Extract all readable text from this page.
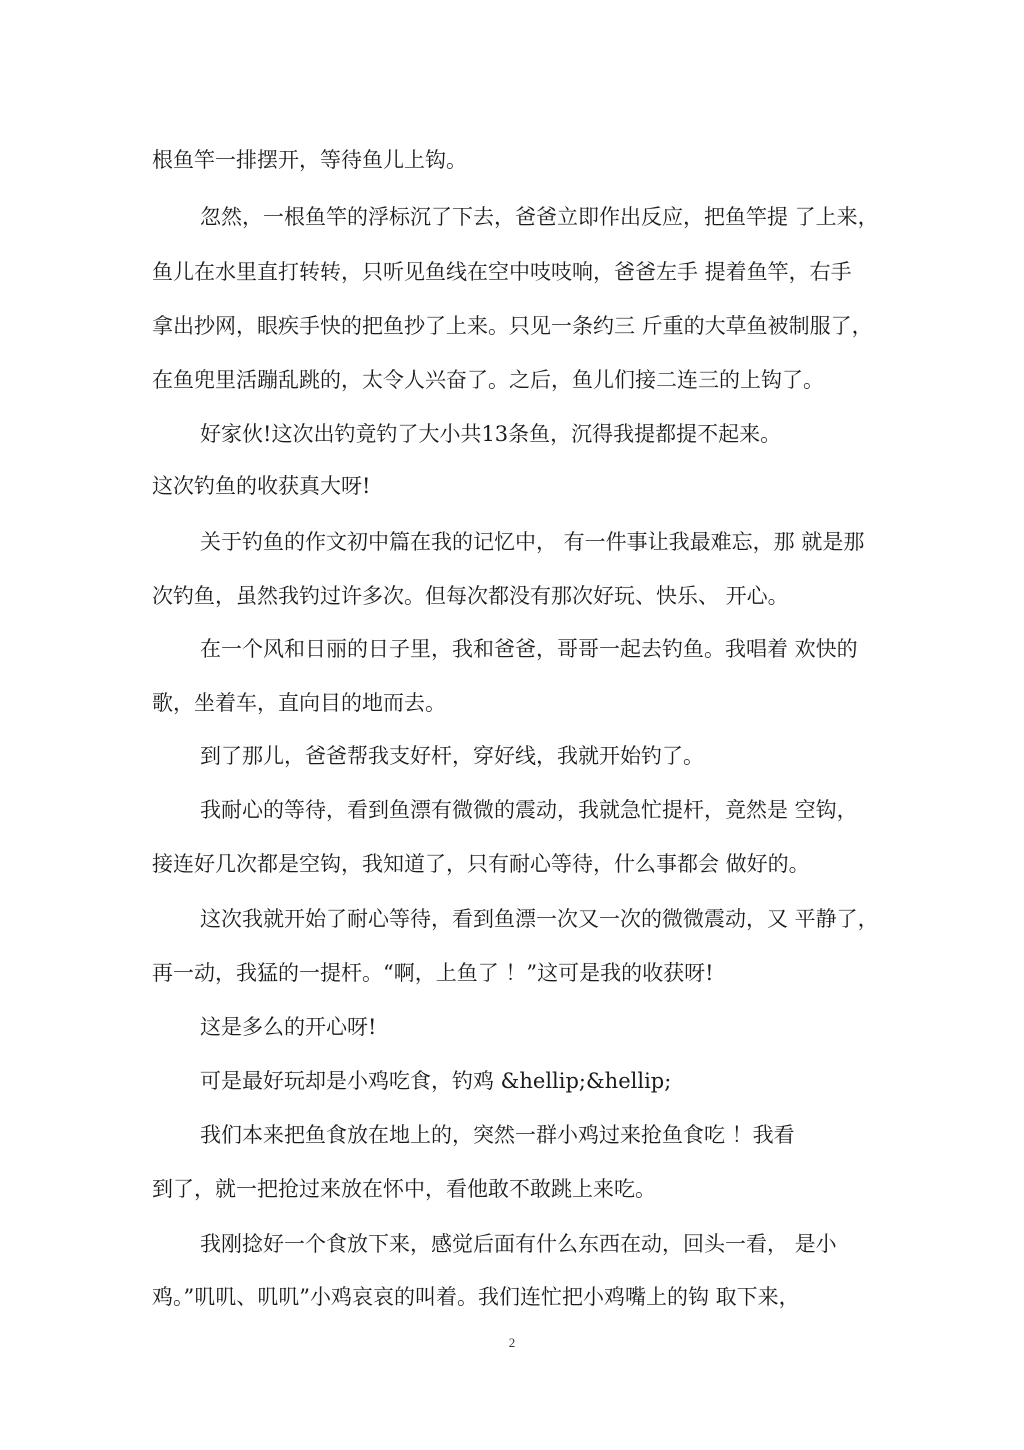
根鱼竿一排摆开，等待鱼儿上钩。
忽然，一根鱼竿的浮标沉了下去，爸爸立即作出反应，把鱼竿提 了上来，
鱼儿在水里直打转转，只听见鱼线在空中吱吱响，爸爸左手 提着鱼竿，右手
拿出抄网，眼疾手快的把鱼抄了上来。只见一条约三 斤重的大草鱼被制服了，
在鱼兜里活蹦乱跳的，太令人兴奋了。之后，鱼儿们接二连三的上钩了。
好家伙!这次出钓竟钓了大小共13条鱼，沉得我提都提不起来。
这次钓鱼的收获真大呀!
关于钓鱼的作文初中篇在我的记忆中， 有一件事让我最难忘，那 就是那
次钓鱼，虽然我钓过许多次。但每次都没有那次好玩、快乐、 开心。
在一个风和日丽的日子里，我和爸爸，哥哥一起去钓鱼。我唱着 欢快的
歌，坐着车，直向目的地而去。
到了那儿，爸爸帮我支好杆，穿好线，我就开始钓了。
我耐心的等待，看到鱼漂有微微的震动，我就急忙提杆，竟然是 空钩，
接连好几次都是空钩，我知道了，只有耐心等待，什么事都会 做好的。
这次我就开始了耐心等待，看到鱼漂一次又一次的微微震动，又 平静了，
再一动，我猛的一提杆。“啊，上鱼了 ！”这可是我的收获呀!
这是多么的开心呀!
可是最好玩却是小鸡吃食，钓鸡 &hellip;&hellip;
我们本来把鱼食放在地上的，突然一群小鸡过来抢鱼食吃 ！我看
到了，就一把抢过来放在怀中，看他敢不敢跳上来吃。
我刚捻好一个食放下来，感觉后面有什么东西在动，回头一看， 是小
鸡。”叽叽、叽叽”小鸡哀哀的叫着。我们连忙把小鸡嘴上的钩 取下来，
2
